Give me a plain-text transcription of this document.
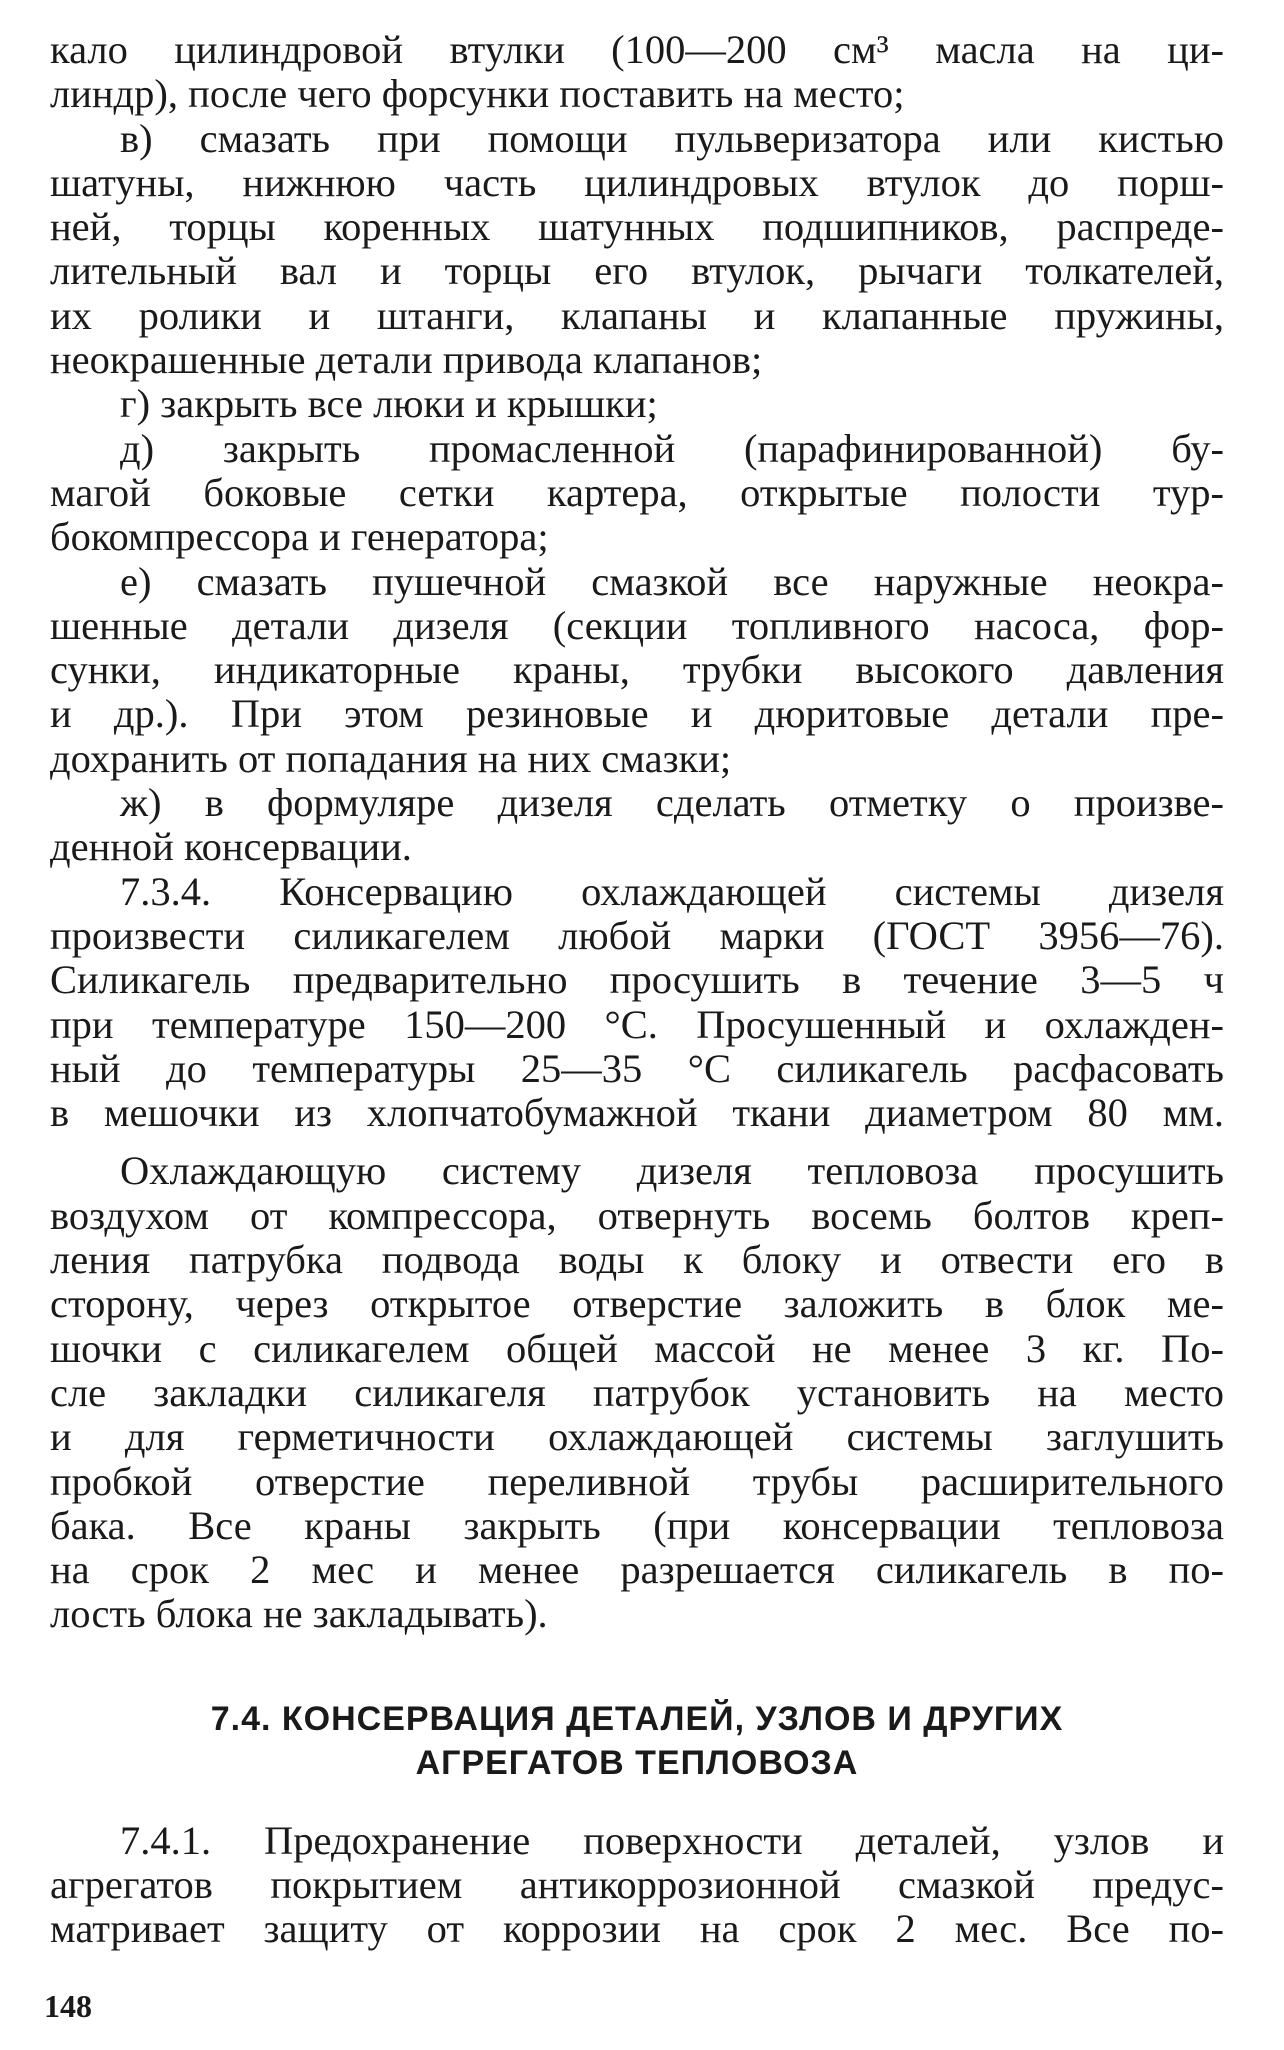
кало цилиндровой втулки (100—200 см³ масла на ци-
линдр), после чего форсунки поставить на место;
в) смазать при помощи пульверизатора или кистью
шатуны, нижнюю часть цилиндровых втулок до порш-
ней, торцы коренных шатунных подшипников, распреде-
лительный вал и торцы его втулок, рычаги толкателей,
их ролики и штанги, клапаны и клапанные пружины,
неокрашенные детали привода клапанов;
г) закрыть все люки и крышки;
д) закрыть промасленной (парафинированной) бу-
магой боковые сетки картера, открытые полости тур-
бокомпрессора и генератора;
е) смазать пушечной смазкой все наружные неокра-
шенные детали дизеля (секции топливного насоса, фор-
сунки, индикаторные краны, трубки высокого давления
и др.). При этом резиновые и дюритовые детали пре-
дохранить от попадания на них смазки;
ж) в формуляре дизеля сделать отметку о произве-
денной консервации.
7.3.4. Консервацию охлаждающей системы дизеля
произвести силикагелем любой марки (ГОСТ 3956—76).
Силикагель предварительно просушить в течение 3—5 ч
при температуре 150—200 °С. Просушенный и охлажден-
ный до температуры 25—35 °С силикагель расфасовать
в мешочки из хлопчатобумажной ткани диаметром 80 мм.
Охлаждающую систему дизеля тепловоза просушить
воздухом от компрессора, отвернуть восемь болтов креп-
ления патрубка подвода воды к блоку и отвести его в
сторону, через открытое отверстие заложить в блок ме-
шочки с силикагелем общей массой не менее 3 кг. По-
сле закладки силикагеля патрубок установить на место
и для герметичности охлаждающей системы заглушить
пробкой отверстие переливной трубы расширительного
бака. Все краны закрыть (при консервации тепловоза
на срок 2 мес и менее разрешается силикагель в по-
лость блока не закладывать).
7.4. КОНСЕРВАЦИЯ ДЕТАЛЕЙ, УЗЛОВ И ДРУГИХ
АГРЕГАТОВ ТЕПЛОВОЗА
7.4.1. Предохранение поверхности деталей, узлов и
агрегатов покрытием антикоррозионной смазкой предус-
матривает защиту от коррозии на срок 2 мес. Все по-
148
